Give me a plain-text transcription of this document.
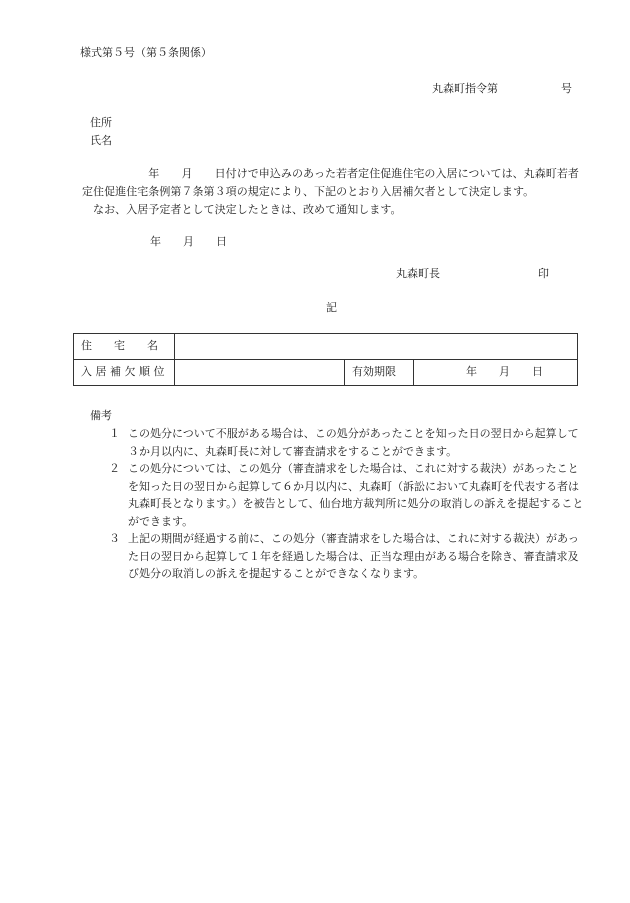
様式第５号（第５条関係）
丸森町指令第	号
住所
氏名
　　　　　　年　　月　　日付けで申込みのあった若者定住促進住宅の入居については、丸森町若者定住促進住宅条例第７条第３項の規定により、下記のとおり入居補欠者として決定します。
　なお、入居予定者として決定したときは、改めて通知します。
年　　月　　日
丸森町長	印
記
住　　宅　　名			
入 居 補 欠 順 位		有効期限	年　　月　　日
備考
１ この処分について不服がある場合は、この処分があったことを知った日の翌日から起算して３か月以内に、丸森町長に対して審査請求をすることができます。
２ この処分については、この処分（審査請求をした場合は、これに対する裁決）があったことを知った日の翌日から起算して６か月以内に、丸森町（訴訟において丸森町を代表する者は丸森町長となります。）を被告として、仙台地方裁判所に処分の取消しの訴えを提起することができます。
３ 上記の期間が経過する前に、この処分（審査請求をした場合は、これに対する裁決）があった日の翌日から起算して１年を経過した場合は、正当な理由がある場合を除き、審査請求及び処分の取消しの訴えを提起することができなくなります。
